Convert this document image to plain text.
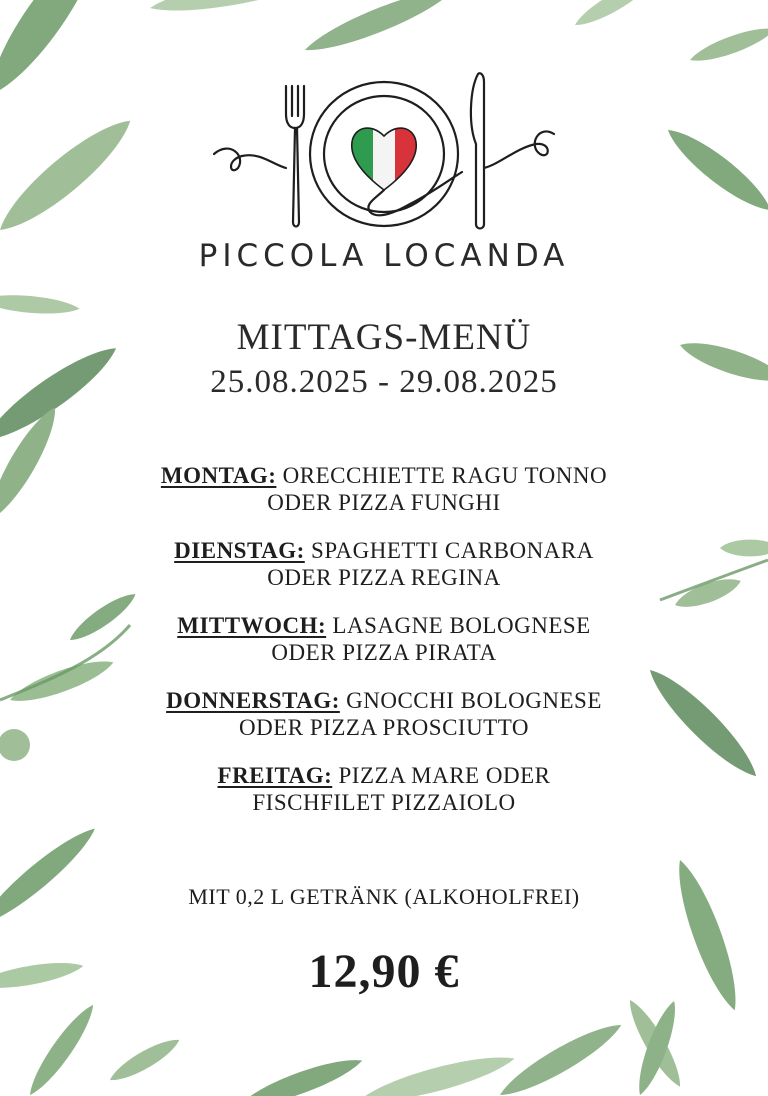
PICCOLA LOCANDA
MITTAGS-MENÜ
25.08.2025 - 29.08.2025
MONTAG: ORECCHIETTE RAGU TONNO
ODER PIZZA FUNGHI
DIENSTAG: SPAGHETTI CARBONARA
ODER PIZZA REGINA
MITTWOCH: LASAGNE BOLOGNESE
ODER PIZZA PIRATA
DONNERSTAG: GNOCCHI BOLOGNESE
ODER PIZZA PROSCIUTTO
FREITAG: PIZZA MARE ODER
FISCHFILET PIZZAIOLO
MIT 0,2 L GETRÄNK (ALKOHOLFREI)
12,90 €
